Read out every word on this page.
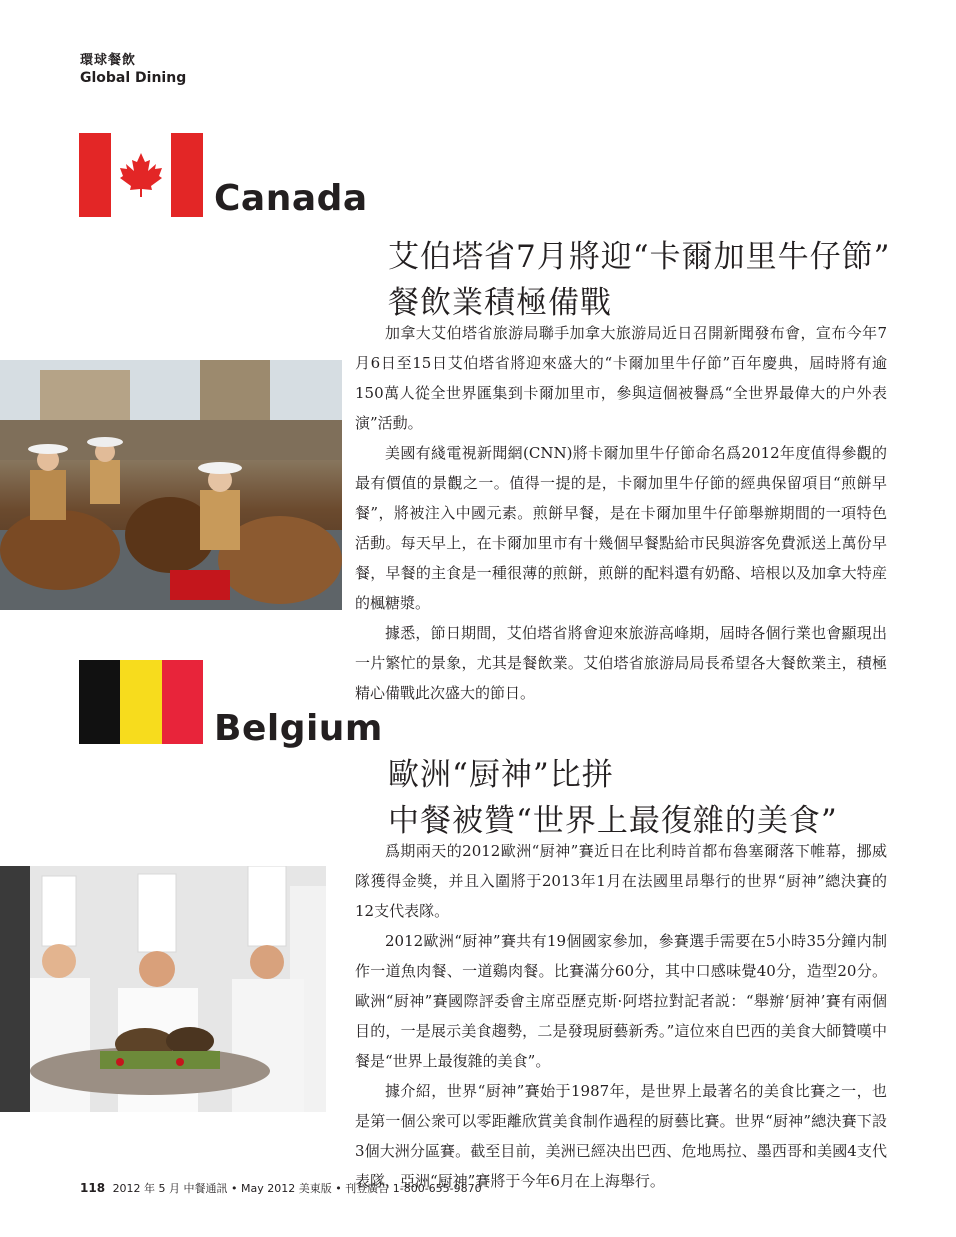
環球餐飲
Global Dining
Canada
艾伯塔省7月將迎“卡爾加里牛仔節”
餐飲業積極備戰

加拿大艾伯塔省旅游局聯手加拿大旅游局近日召開新聞發布會，宣布今年7月6日至15日艾伯塔省將迎來盛大的“卡爾加里牛仔節”百年慶典，屆時將有逾150萬人從全世界匯集到卡爾加里市，參與這個被譽爲“全世界最偉大的户外表演”活動。

美國有綫電視新聞網(CNN)將卡爾加里牛仔節命名爲2012年度值得參觀的最有價值的景觀之一。值得一提的是，卡爾加里牛仔節的經典保留項目“煎餅早餐”，將被注入中國元素。煎餅早餐，是在卡爾加里牛仔節舉辦期間的一項特色活動。每天早上，在卡爾加里市有十幾個早餐點給市民與游客免費派送上萬份早餐，早餐的主食是一種很薄的煎餅，煎餅的配料還有奶酪、培根以及加拿大特産的楓糖漿。

據悉，節日期間，艾伯塔省將會迎來旅游高峰期，屆時各個行業也會顯現出一片繁忙的景象，尤其是餐飲業。艾伯塔省旅游局局長希望各大餐飲業主，積極精心備戰此次盛大的節日。

Belgium
歐洲“厨神”比拼
中餐被贊“世界上最復雜的美食”

爲期兩天的2012歐洲“厨神”賽近日在比利時首都布魯塞爾落下帷幕，挪威隊獲得金獎，并且入圍將于2013年1月在法國里昂舉行的世界“厨神”總決賽的12支代表隊。

2012歐洲“厨神”賽共有19個國家參加，參賽選手需要在5小時35分鐘内制作一道魚肉餐、一道鷄肉餐。比賽滿分60分，其中口感味覺40分，造型20分。歐洲“厨神”賽國際評委會主席亞歷克斯·阿塔拉對記者説：“舉辦‘厨神’賽有兩個目的，一是展示美食趨勢，二是發現厨藝新秀。”這位來自巴西的美食大師贊嘆中餐是“世界上最復雜的美食”。

據介紹，世界“厨神”賽始于1987年，是世界上最著名的美食比賽之一，也是第一個公衆可以零距離欣賞美食制作過程的厨藝比賽。世界“厨神”總決賽下設3個大洲分區賽。截至目前，美洲已經决出巴西、危地馬拉、墨西哥和美國4支代表隊，亞洲“厨神”賽將于今年6月在上海舉行。

118 2012 年 5 月 中餐通訊 • May 2012 美東版 • 刊登廣告 1-800-655-9870
